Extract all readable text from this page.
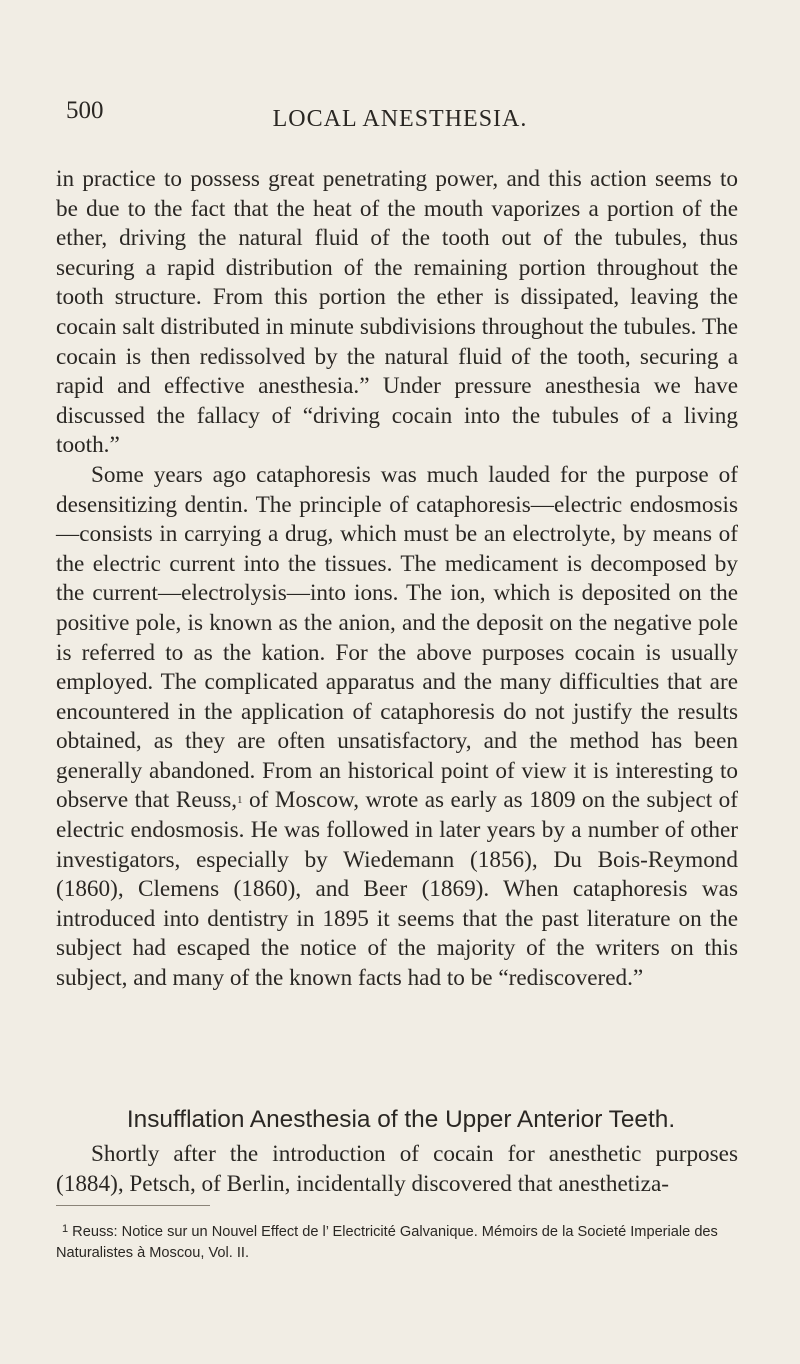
500	LOCAL ANESTHESIA.

in practice to possess great penetrating power, and this action seems to be due to the fact that the heat of the mouth vaporizes a portion of the ether, driving the natural fluid of the tooth out of the tubules, thus securing a rapid distribution of the remaining portion throughout the tooth structure. From this portion the ether is dissipated, leaving the cocain salt distributed in minute subdivisions throughout the tubules. The cocain is then redissolved by the natural fluid of the tooth, securing a rapid and effective anesthesia.” Under pressure anesthesia we have discussed the fallacy of “driving cocain into the tubules of a living tooth.”

Some years ago cataphoresis was much lauded for the purpose of desensitizing dentin. The principle of cataphoresis—electric endosmosis—consists in carrying a drug, which must be an electrolyte, by means of the electric current into the tissues. The medicament is decomposed by the current—electrolysis—into ions. The ion, which is deposited on the positive pole, is known as the anion, and the deposit on the negative pole is referred to as the kation. For the above purposes cocain is usually employed. The complicated apparatus and the many difficulties that are encountered in the application of cataphoresis do not justify the results obtained, as they are often unsatisfactory, and the method has been generally abandoned. From an historical point of view it is interesting to observe that Reuss,$^1$ of Moscow, wrote as early as 1809 on the subject of electric endosmosis. He was followed in later years by a number of other investigators, especially by Wiedemann (1856), Du Bois-Reymond (1860), Clemens (1860), and Beer (1869). When cataphoresis was introduced into dentistry in 1895 it seems that the past literature on the subject had escaped the notice of the majority of the writers on this subject, and many of the known facts had to be “rediscovered.”

Insufflation Anesthesia of the Upper Anterior Teeth.

Shortly after the introduction of cocain for anesthetic purposes (1884), Petsch, of Berlin, incidentally discovered that anesthetiza-

$^1$ Reuss: Notice sur un Nouvel Effect de l’ Electricité Galvanique. Mémoirs de la Societé Imperiale des Naturalistes à Moscou, Vol. II.
